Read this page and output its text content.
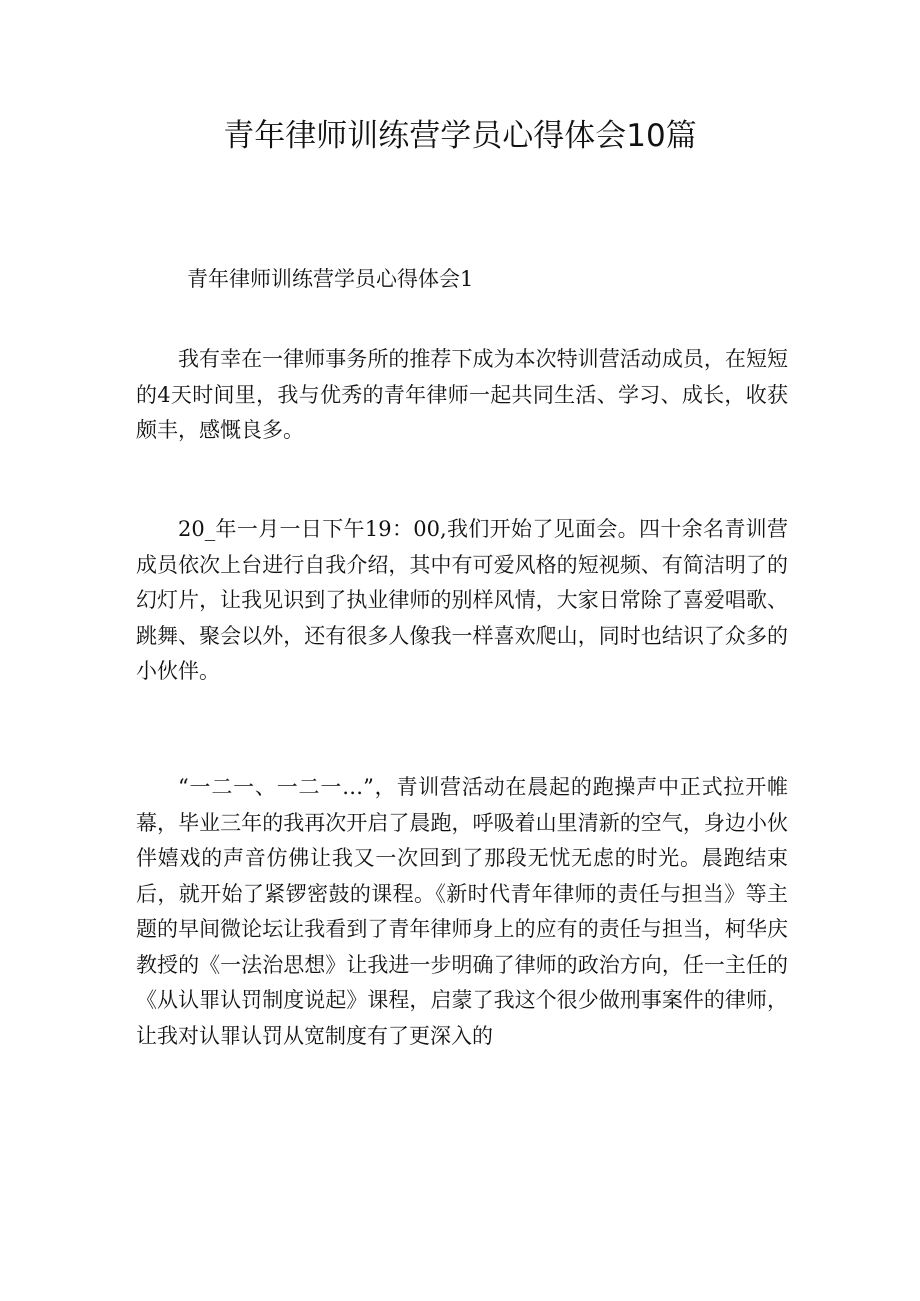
青年律师训练营学员心得体会10篇

青年律师训练营学员心得体会1

我有幸在一律师事务所的推荐下成为本次特训营活动成员，在短短的4天时间里，我与优秀的青年律师一起共同生活、学习、成长，收获颇丰，感慨良多。

20_年一月一日下午19：00,我们开始了见面会。四十余名青训营成员依次上台进行自我介绍，其中有可爱风格的短视频、有简洁明了的幻灯片，让我见识到了执业律师的别样风情，大家日常除了喜爱唱歌、跳舞、聚会以外，还有很多人像我一样喜欢爬山，同时也结识了众多的小伙伴。

“一二一、一二一…”，青训营活动在晨起的跑操声中正式拉开帷幕，毕业三年的我再次开启了晨跑，呼吸着山里清新的空气，身边小伙伴嬉戏的声音仿佛让我又一次回到了那段无忧无虑的时光。晨跑结束后，就开始了紧锣密鼓的课程。《新时代青年律师的责任与担当》等主题的早间微论坛让我看到了青年律师身上的应有的责任与担当，柯华庆教授的《一法治思想》让我进一步明确了律师的政治方向，任一主任的《从认罪认罚制度说起》课程，启蒙了我这个很少做刑事案件的律师，让我对认罪认罚从宽制度有了更深入的
